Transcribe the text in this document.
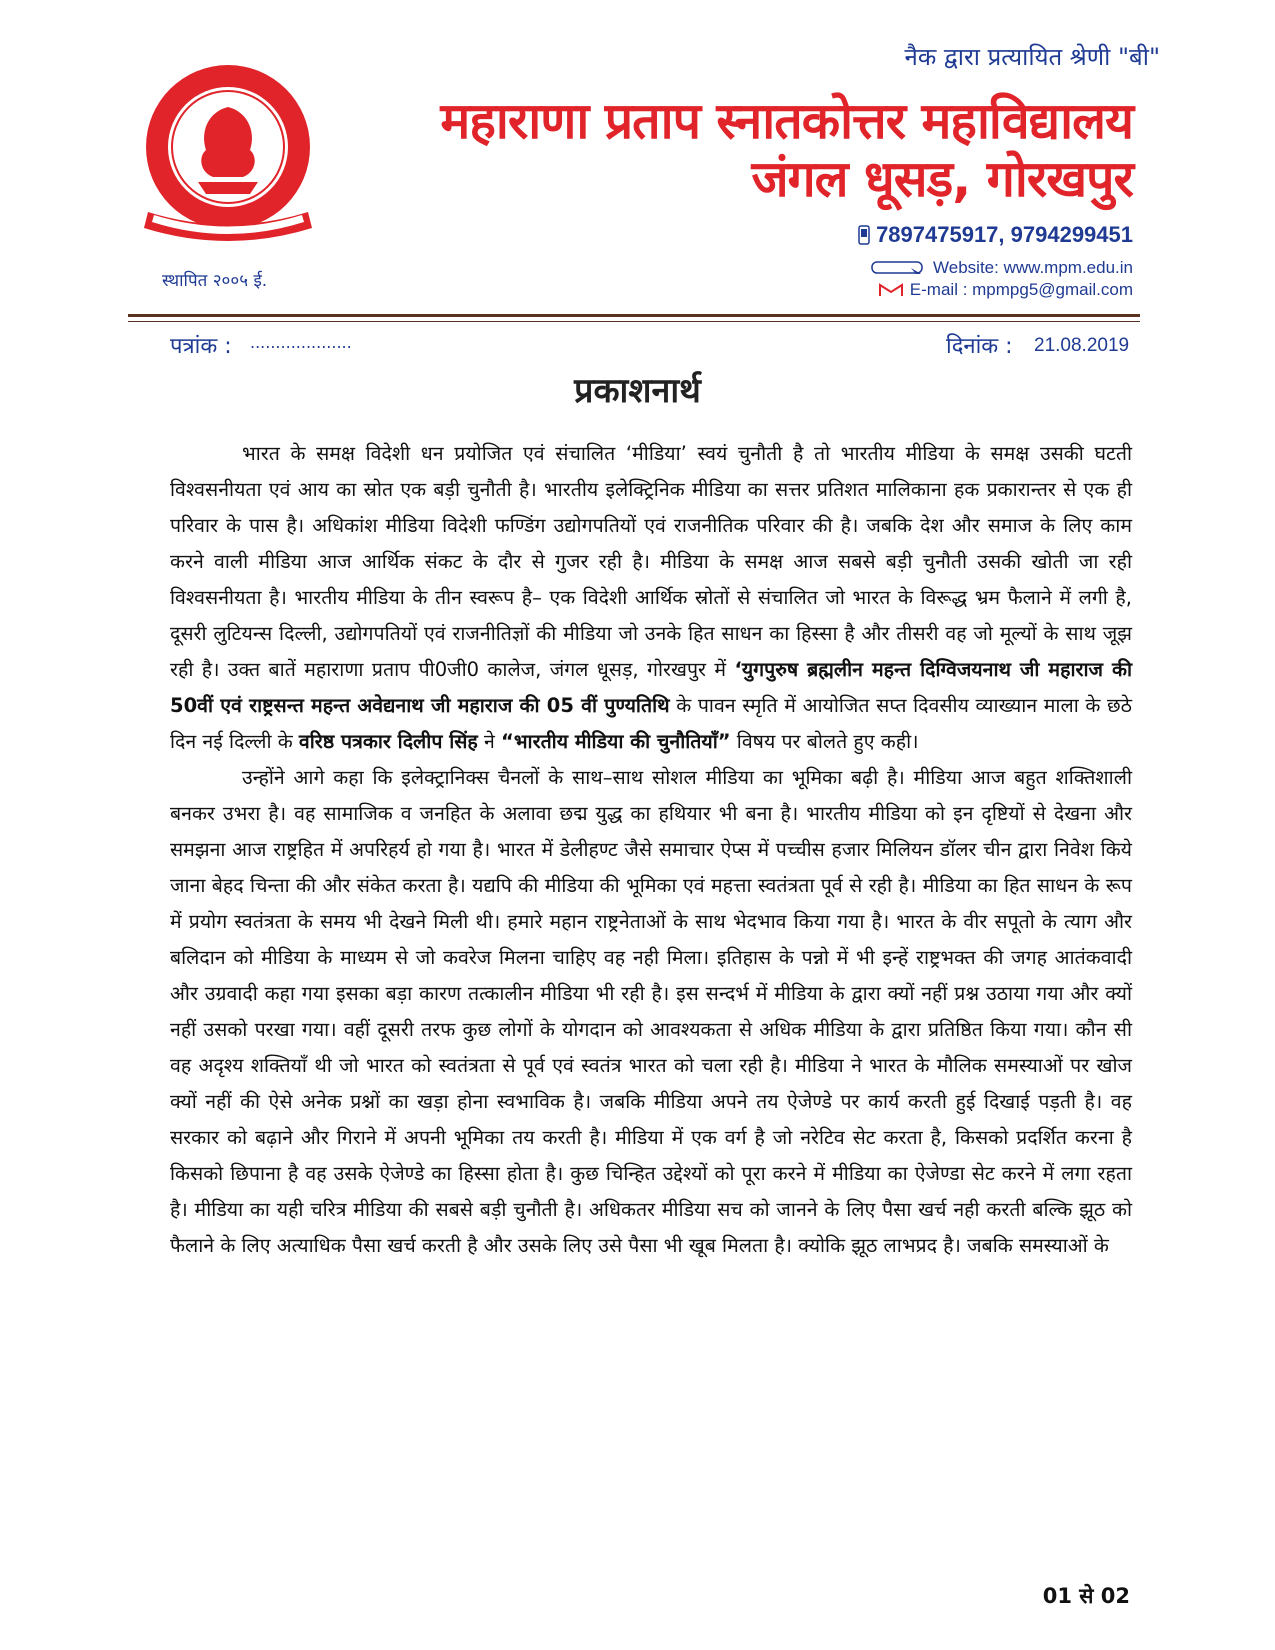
नैक द्वारा प्रत्यायित श्रेणी "बी"
स्थापित २००५ ई.
महाराणा प्रताप स्नातकोत्तर महाविद्यालय
जंगल धूसड़, गोरखपुर
7897475917, 9794299451
Website: www.mpm.edu.in
E-mail : mpmpg5@gmail.com
पत्रांक : ....................	दिनांक : 21.08.2019
प्रकाशनार्थ

भारत के समक्ष विदेशी धन प्रयोजित एवं संचालित ‘मीडिया’ स्वयं चुनौती है तो भारतीय मीडिया के समक्ष उसकी घटती विश्वसनीयता एवं आय का स्रोत एक बड़ी चुनौती है। भारतीय इलेक्ट्रिनिक मीडिया का सत्तर प्रतिशत मालिकाना हक प्रकारान्तर से एक ही परिवार के पास है। अधिकांश मीडिया विदेशी फण्डिंग उद्योगपतियों एवं राजनीतिक परिवार की है। जबकि देश और समाज के लिए काम करने वाली मीडिया आज आर्थिक संकट के दौर से गुजर रही है। मीडिया के समक्ष आज सबसे बड़ी चुनौती उसकी खोती जा रही विश्वसनीयता है। भारतीय मीडिया के तीन स्वरूप है– एक विदेशी आर्थिक स्रोतों से संचालित जो भारत के विरूद्ध भ्रम फैलाने में लगी है, दूसरी लुटियन्स दिल्ली, उद्योगपतियों एवं राजनीतिज्ञों की मीडिया जो उनके हित साधन का हिस्सा है और तीसरी वह जो मूल्यों के साथ जूझ रही है। उक्त बातें महाराणा प्रताप पी0जी0 कालेज, जंगल धूसड़, गोरखपुर में ‘युगपुरुष ब्रह्मलीन महन्त दिग्विजयनाथ जी महाराज की 50वीं एवं राष्ट्रसन्त महन्त अवेद्यनाथ जी महाराज की 05 वीं पुण्यतिथि के पावन स्मृति में आयोजित सप्त दिवसीय व्याख्यान माला के छठे दिन नई दिल्ली के वरिष्ठ पत्रकार दिलीप सिंह ने “भारतीय मीडिया की चुनौतियाँ” विषय पर बोलते हुए कही।

उन्होंने आगे कहा कि इलेक्ट्रानिक्स चैनलों के साथ–साथ सोशल मीडिया का भूमिका बढ़ी है। मीडिया आज बहुत शक्तिशाली बनकर उभरा है। वह सामाजिक व जनहित के अलावा छद्म युद्ध का हथियार भी बना है। भारतीय मीडिया को इन दृष्टियों से देखना और समझना आज राष्ट्रहित में अपरिहर्य हो गया है। भारत में डेलीहण्ट जैसे समाचार ऐप्स में पच्चीस हजार मिलियन डॉलर चीन द्वारा निवेश किये जाना बेहद चिन्ता की और संकेत करता है। यद्यपि की मीडिया की भूमिका एवं महत्ता स्वतंत्रता पूर्व से रही है। मीडिया का हित साधन के रूप में प्रयोग स्वतंत्रता के समय भी देखने मिली थी। हमारे महान राष्ट्रनेताओं के साथ भेदभाव किया गया है। भारत के वीर सपूतो के त्याग और बलिदान को मीडिया के माध्यम से जो कवरेज मिलना चाहिए वह नही मिला। इतिहास के पन्नो में भी इन्हें राष्ट्रभक्त की जगह आतंकवादी और उग्रवादी कहा गया इसका बड़ा कारण तत्कालीन मीडिया भी रही है। इस सन्दर्भ में मीडिया के द्वारा क्यों नहीं प्रश्न उठाया गया और क्यों नहीं उसको परखा गया। वहीं दूसरी तरफ कुछ लोगों के योगदान को आवश्यकता से अधिक मीडिया के द्वारा प्रतिष्ठित किया गया। कौन सी वह अदृश्य शक्तियाँ थी जो भारत को स्वतंत्रता से पूर्व एवं स्वतंत्र भारत को चला रही है। मीडिया ने भारत के मौलिक समस्याओं पर खोज क्यों नहीं की ऐसे अनेक प्रश्नों का खड़ा होना स्वभाविक है। जबकि मीडिया अपने तय ऐजेण्डे पर कार्य करती हुई दिखाई पड़ती है। वह सरकार को बढ़ाने और गिराने में अपनी भूमिका तय करती है। मीडिया में एक वर्ग है जो नरेटिव सेट करता है, किसको प्रदर्शित करना है किसको छिपाना है वह उसके ऐजेण्डे का हिस्सा होता है। कुछ चिन्हित उद्देश्यों को पूरा करने में मीडिया का ऐजेण्डा सेट करने में लगा रहता है। मीडिया का यही चरित्र मीडिया की सबसे बड़ी चुनौती है। अधिकतर मीडिया सच को जानने के लिए पैसा खर्च नही करती बल्कि झूठ को फैलाने के लिए अत्याधिक पैसा खर्च करती है और उसके लिए उसे पैसा भी खूब मिलता है। क्योकि झूठ लाभप्रद है। जबकि समस्याओं के

01 से 02
